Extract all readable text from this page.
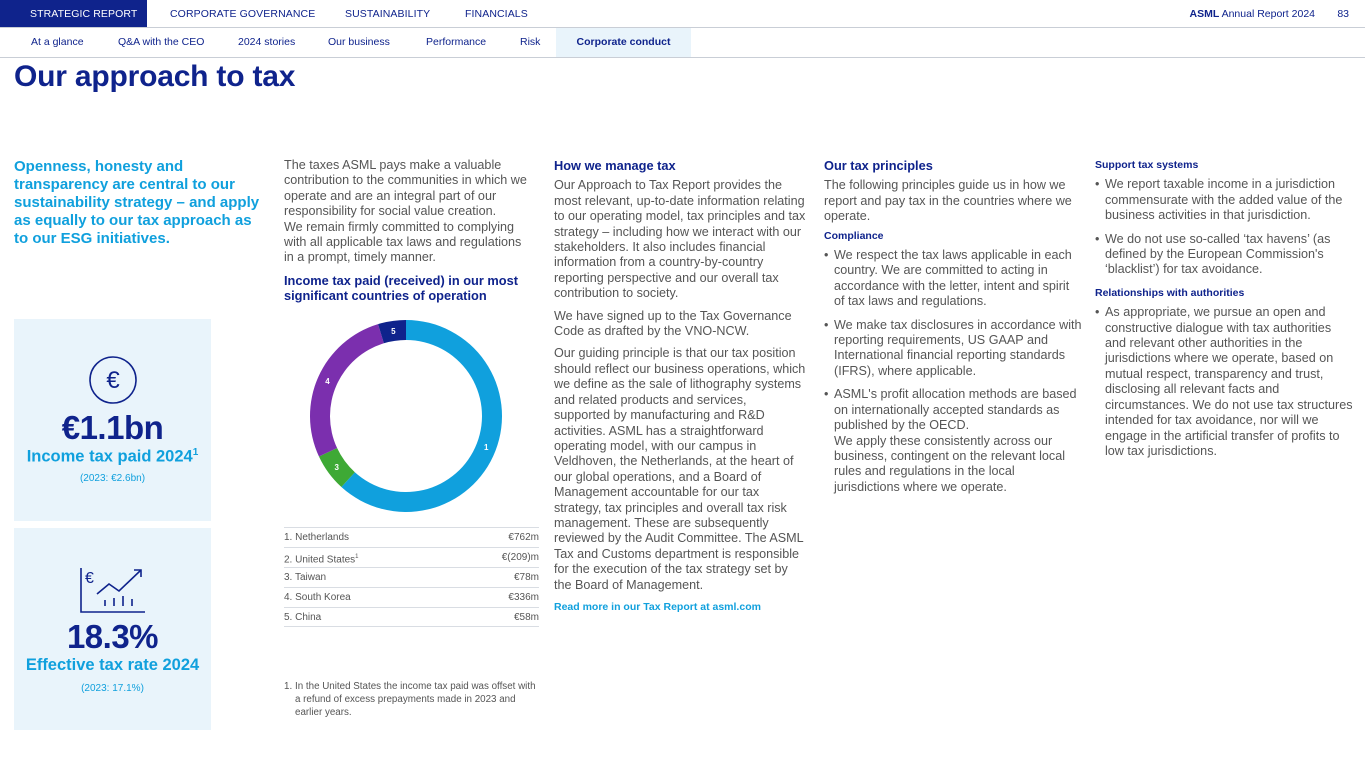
STRATEGIC REPORT	CORPORATE GOVERNANCE	SUSTAINABILITY	FINANCIALS	ASML Annual Report 2024 83
At a glance	Q&A with the CEO	2024 stories	Our business	Performance	Risk	Corporate conduct
Our approach to tax
Openness, honesty and transparency are central to our sustainability strategy – and apply as equally to our tax approach as to our ESG initiatives.
€
€1.1bn
Income tax paid 2024$^1$
(2023: €2.6bn)
€
18.3%
Effective tax rate 2024
(2023: 17.1%)

The taxes ASML pays make a valuable contribution to the communities in which we operate and are an integral part of our responsibility for social value creation.

We remain firmly committed to complying with all applicable tax laws and regulations in a prompt, timely manner.

Income tax paid (received) in our most significant countries of operation
1
3
4
5
1. Netherlands	€762m
2. United States$^1$	€(209)m
3. Taiwan	€78m
4. South Korea	€336m
5. China	€58m
1. In the United States the income tax paid was offset with a refund of excess prepayments made in 2023 and earlier years.
How we manage tax

Our Approach to Tax Report provides the most relevant, up-to-date information relating to our operating model, tax principles and tax strategy – including how we interact with our stakeholders. It also includes financial information from a country-by-country reporting perspective and our overall tax contribution to society.

We have signed up to the Tax Governance Code as drafted by the VNO-NCW.

Our guiding principle is that our tax position should reflect our business operations, which we define as the sale of lithography systems and related products and services, supported by manufacturing and R&D activities. ASML has a straightforward operating model, with our campus in Veldhoven, the Netherlands, at the heart of our global operations, and a Board of Management accountable for our tax strategy, tax principles and overall tax risk management. These are subsequently reviewed by the Audit Committee. The ASML Tax and Customs department is responsible for the execution of the tax strategy set by the Board of Management.

Read more in our Tax Report at asml.com
Our tax principles

The following principles guide us in how we report and pay tax in the countries where we operate.

Compliance
• We respect the tax laws applicable in each country. We are committed to acting in accordance with the letter, intent and spirit of tax laws and regulations.
• We make tax disclosures in accordance with reporting requirements, US GAAP and International financial reporting standards (IFRS), where applicable.
• ASML's profit allocation methods are based on internationally accepted standards as published by the OECD.
We apply these consistently across our business, contingent on the relevant local rules and regulations in the local jurisdictions where we operate.
Support tax systems
• We report taxable income in a jurisdiction commensurate with the added value of the business activities in that jurisdiction.
• We do not use so-called ‘tax havens’ (as defined by the European Commission's ‘blacklist’) for tax avoidance.
Relationships with authorities
• As appropriate, we pursue an open and constructive dialogue with tax authorities and relevant other authorities in the jurisdictions where we operate, based on mutual respect, transparency and trust, disclosing all relevant facts and circumstances. We do not use tax structures intended for tax avoidance, nor will we engage in the artificial transfer of profits to low tax jurisdictions.
